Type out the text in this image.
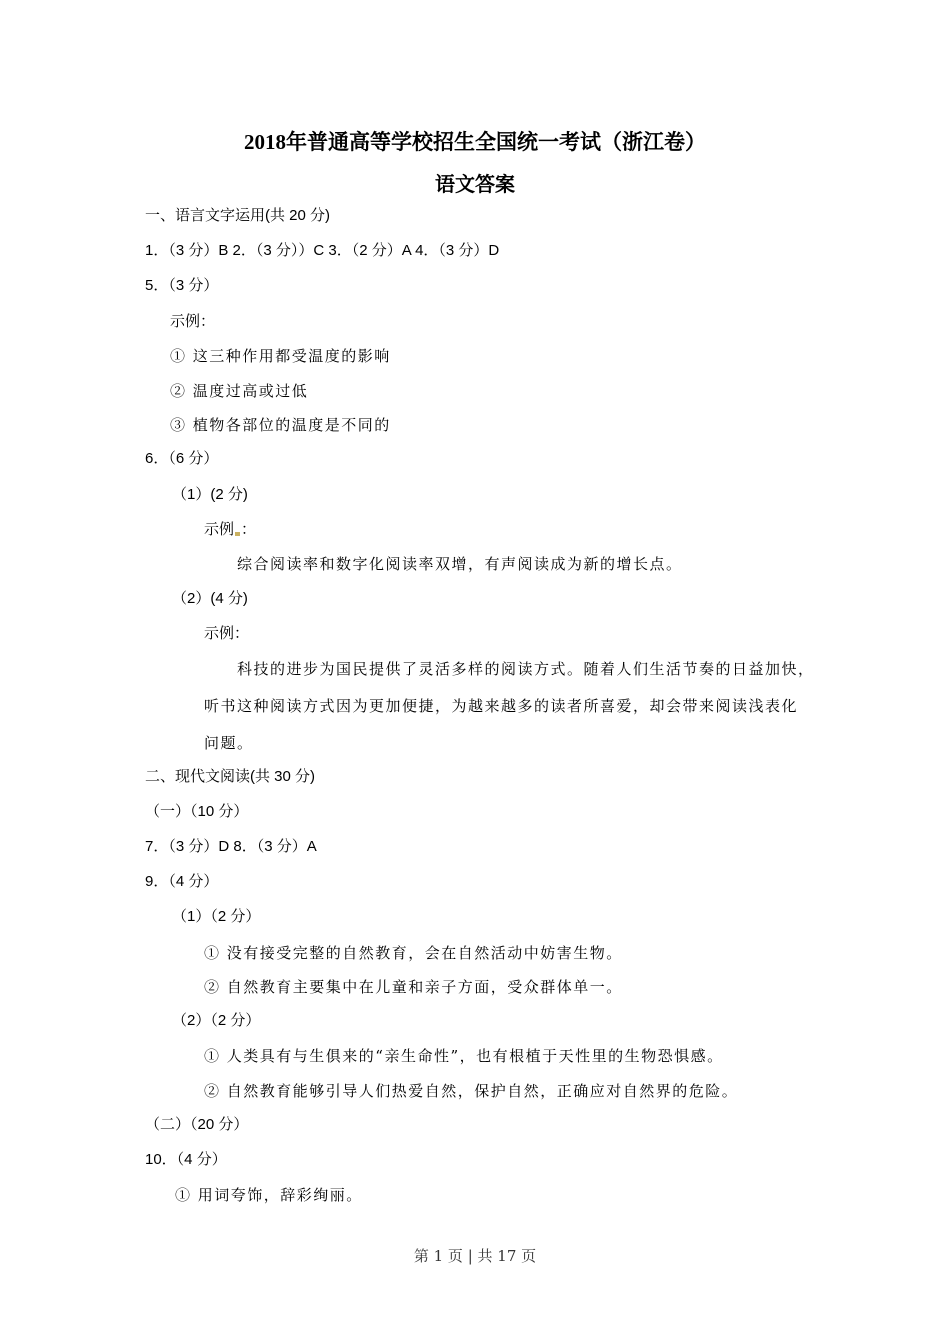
2018年普通高等学校招生全国统一考试（浙江卷）
语文答案
一、语言文字运用(共 20 分)
1．（3 分）B 2．（3 分））C 3．（2 分）A 4．（3 分）D
5．（3 分）
示例：
① 这三种作用都受温度的影响
② 温度过高或过低
③ 植物各部位的温度是不同的
6．（6 分）
（1）(2 分)
示例 ：
综合阅读率和数字化阅读率双增，有声阅读成为新的增长点。
（2）(4 分)
示例：
科技的进步为国民提供了灵活多样的阅读方式。随着人们生活节奏的日益加快，
听书这种阅读方式因为更加便捷，为越来越多的读者所喜爱，却会带来阅读浅表化
问题。
二、现代文阅读(共 30 分)
（一）（10 分）
7．（3 分）D 8．（3 分）A
9．（4 分）
（1）（2 分）
① 没有接受完整的自然教育，会在自然活动中妨害生物。
② 自然教育主要集中在儿童和亲子方面，受众群体单一。
（2）（2 分）
① 人类具有与生俱来的“亲生命性”，也有根植于天性里的生物恐惧感。
② 自然教育能够引导人们热爱自然，保护自然，正确应对自然界的危险。
（二）（20 分）
10．（4 分）
① 用词夸饰，辞彩绚丽。
第 1 页 | 共 17 页
